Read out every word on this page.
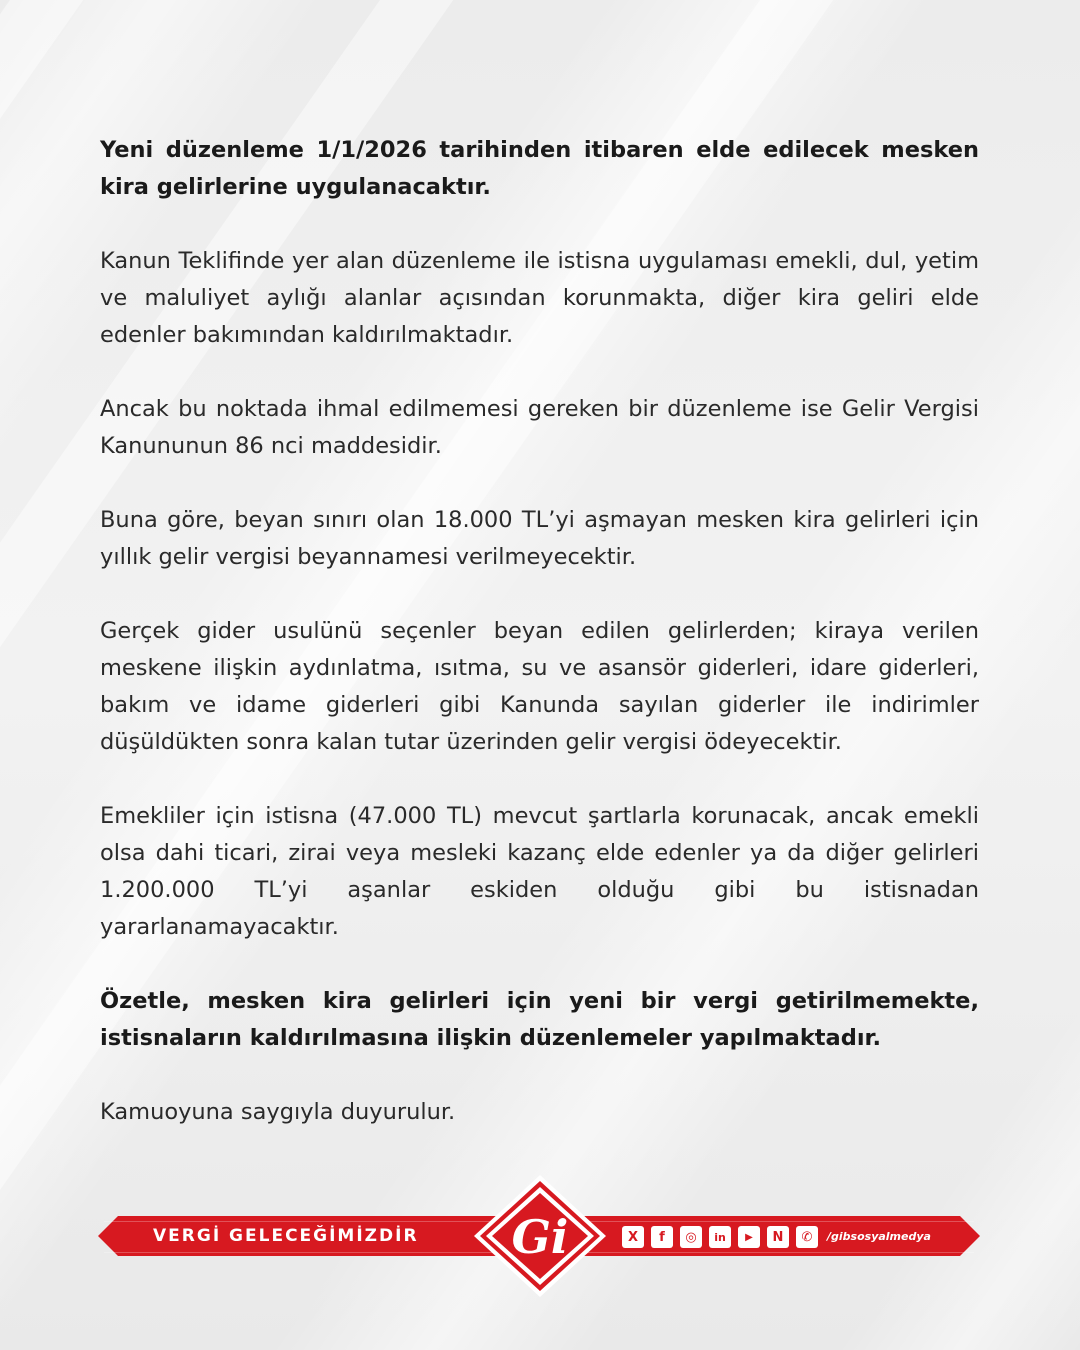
Yeni düzenleme 1/1/2026 tarihinden itibaren elde edilecek mesken kira gelirlerine uygulanacaktır.

Kanun Teklifinde yer alan düzenleme ile istisna uygulaması emekli, dul, yetim ve maluliyet aylığı alanlar açısından korunmakta, diğer kira geliri elde edenler bakımından kaldırılmaktadır.

Ancak bu noktada ihmal edilmemesi gereken bir düzenleme ise Gelir Vergisi Kanununun 86 nci maddesidir.

Buna göre, beyan sınırı olan 18.000 TL’yi aşmayan mesken kira gelirleri için yıllık gelir vergisi beyannamesi verilmeyecektir.

Gerçek gider usulünü seçenler beyan edilen gelirlerden; kiraya verilen meskene ilişkin aydınlatma, ısıtma, su ve asansör giderleri, idare giderleri, bakım ve idame giderleri gibi Kanunda sayılan giderler ile indirimler düşüldükten sonra kalan tutar üzerinden gelir vergisi ödeyecektir.

Emekliler için istisna (47.000 TL) mevcut şartlarla korunacak, ancak emekli olsa dahi ticari, zirai veya mesleki kazanç elde edenler ya da diğer gelirleri 1.200.000 TL’yi aşanlar eskiden olduğu gibi bu istisnadan yararlanamayacaktır.

Özetle, mesken kira gelirleri için yeni bir vergi getirilmemekte, istisnaların kaldırılmasına ilişkin düzenlemeler yapılmaktadır.

Kamuoyuna saygıyla duyurulur.

VERGİ GELECEĞİMİZDİR Gi	X	f	◎	in	▶	N	✆	/gibsosyalmedya
